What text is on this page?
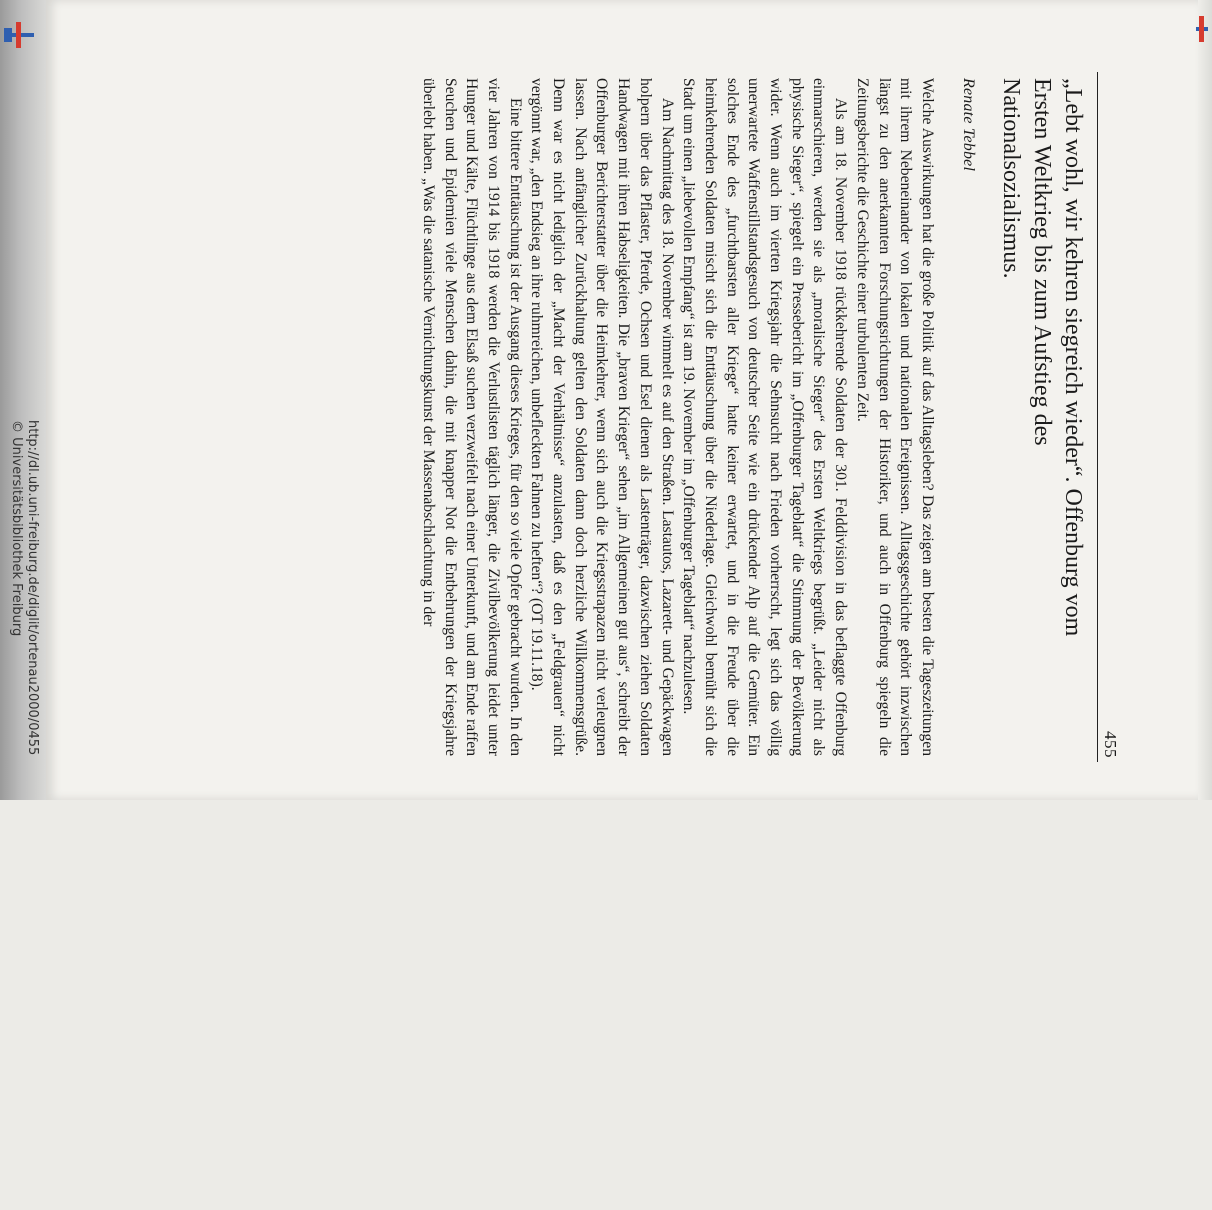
http://dl.ub.uni-freiburg.de/diglit/ortenau2000/0455
© Universitätsbibliothek Freiburg
455
„Lebt wohl, wir kehren siegreich wieder“. Offenburg vom Ersten Weltkrieg bis zum Aufstieg des Nationalsozialismus.
Renate Tebbel

Welche Auswirkungen hat die große Politik auf das Alltagsleben? Das zeigen am besten die Tageszeitungen mit ihrem Nebeneinander von lokalen und nationalen Ereignissen. Alltagsgeschichte gehört inzwischen längst zu den anerkannten Forschungsrichtungen der Historiker, und auch in Offenburg spiegeln die Zeitungsberichte die Geschichte einer turbulenten Zeit.

Als am 18. November 1918 rückkehrende Soldaten der 301. Felddivision in das beflaggte Offenburg einmarschieren, werden sie als „moralische Sieger“ des Ersten Weltkriegs begrüßt. „Leider nicht als physische Sieger“, spiegelt ein Pressebericht im „Offenburger Tageblatt“ die Stimmung der Bevölkerung wider. Wenn auch im vierten Kriegsjahr die Sehnsucht nach Frieden vorherrscht, legt sich das völlig unerwartete Waffenstillstandsgesuch von deutscher Seite wie ein drückender Alp auf die Gemüter. Ein solches Ende des „furchtbarsten aller Kriege“ hatte keiner erwartet, und in die Freude über die heimkehrenden Soldaten mischt sich die Enttäuschung über die Niederlage. Gleichwohl bemüht sich die Stadt um einen „liebevollen Empfang“ ist am 19. November im „Offenburger Tageblatt“ nachzulesen.

Am Nachmittag des 18. November wimmelt es auf den Straßen. Lastautos, Lazarett- und Gepäckwagen holpern über das Pflaster, Pferde, Ochsen und Esel dienen als Lastenträger, dazwischen ziehen Soldaten Handwagen mit ihren Habseligkeiten. Die „braven Krieger“ sehen „im Allgemeinen gut aus“, schreibt der Offenburger Berichterstatter über die Heimkehrer, wenn sich auch die Kriegsstrapazen nicht verleugnen lassen. Nach anfänglicher Zurückhaltung gelten den Soldaten dann doch herzliche Willkommensgrüße. Denn war es nicht lediglich der „Macht der Verhältnisse“ anzulasten, daß es den „Feldgrauen“ nicht vergönnt war, „den Endsieg an ihre ruhmreichen, unbefleckten Fahnen zu heften“? (OT 19.11.18).

Eine bittere Enttäuschung ist der Ausgang dieses Krieges, für den so viele Opfer gebracht wurden. In den vier Jahren von 1914 bis 1918 werden die Verlustlisten täglich länger, die Zivilbevölkerung leidet unter Hunger und Kälte, Flüchtlinge aus dem Elsaß suchen verzweifelt nach einer Unterkunft, und am Ende raffen Seuchen und Epidemien viele Menschen dahin, die mit knapper Not die Entbehrungen der Kriegsjahre überlebt haben. „Was die satanische Vernichtungskunst der Massenabschlachtung in der
